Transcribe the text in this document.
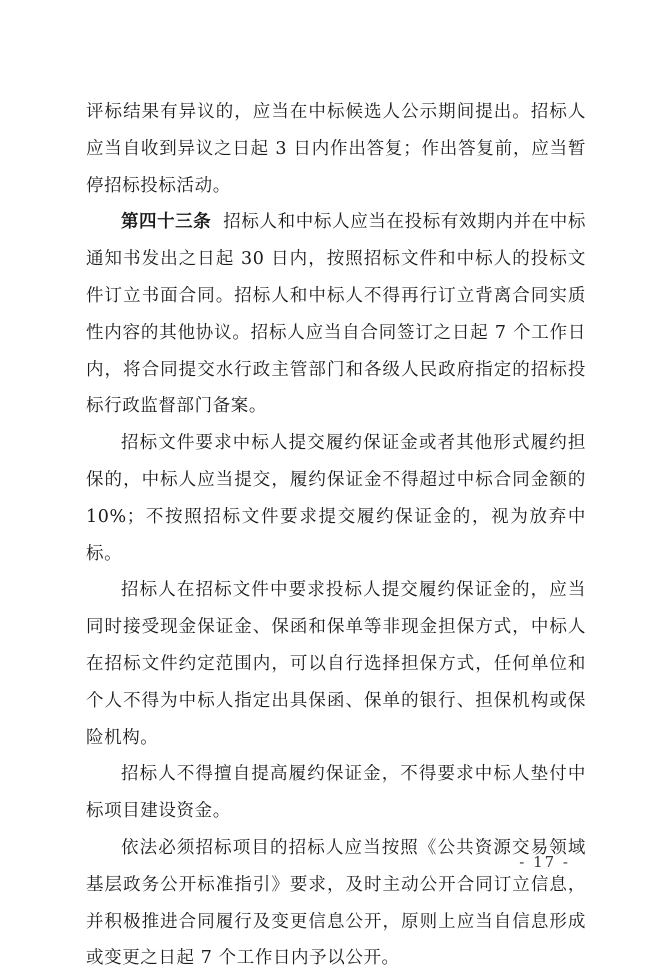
评标结果有异议的，应当在中标候选人公示期间提出。招标人应当自收到异议之日起 3 日内作出答复；作出答复前，应当暂停招标投标活动。

第四十三条 招标人和中标人应当在投标有效期内并在中标通知书发出之日起 30 日内，按照招标文件和中标人的投标文件订立书面合同。招标人和中标人不得再行订立背离合同实质性内容的其他协议。招标人应当自合同签订之日起 7 个工作日内，将合同提交水行政主管部门和各级人民政府指定的招标投标行政监督部门备案。

招标文件要求中标人提交履约保证金或者其他形式履约担保的，中标人应当提交，履约保证金不得超过中标合同金额的 10%；不按照招标文件要求提交履约保证金的，视为放弃中标。

招标人在招标文件中要求投标人提交履约保证金的，应当同时接受现金保证金、保函和保单等非现金担保方式，中标人在招标文件约定范围内，可以自行选择担保方式，任何单位和个人不得为中标人指定出具保函、保单的银行、担保机构或保险机构。

招标人不得擅自提高履约保证金，不得要求中标人垫付中标项目建设资金。

依法必须招标项目的招标人应当按照《公共资源交易领域基层政务公开标准指引》要求，及时主动公开合同订立信息，并积极推进合同履行及变更信息公开，原则上应当自信息形成或变更之日起 7 个工作日内予以公开。

- 17 -
